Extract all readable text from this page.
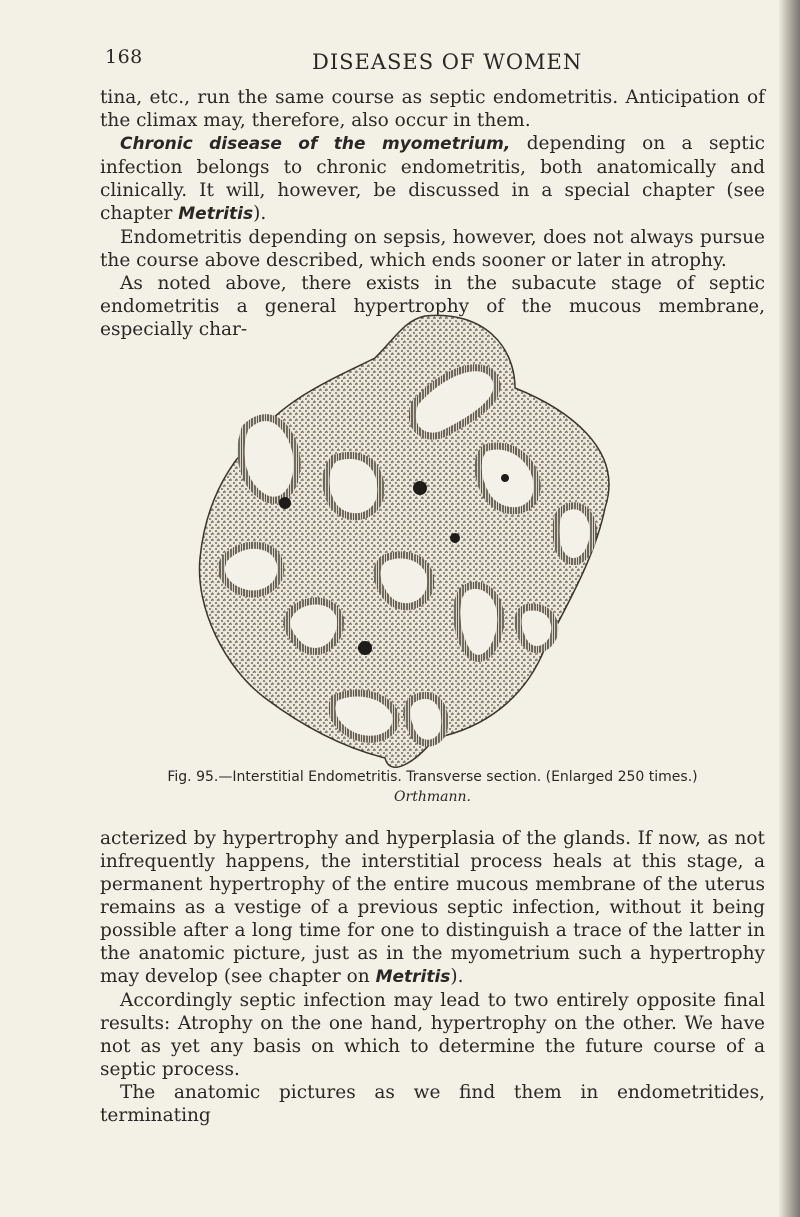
168	DISEASES OF WOMEN

tina, etc., run the same course as septic endometritis. Anticipation of the climax may, therefore, also occur in them.

Chronic disease of the myometrium, depending on a septic infection belongs to chronic endometritis, both anatomically and clinically. It will, however, be discussed in a special chapter (see chapter Metritis).

Endometritis depending on sepsis, however, does not always pursue the course above described, which ends sooner or later in atrophy.

As noted above, there exists in the subacute stage of septic endometritis a general hypertrophy of the mucous membrane, especially char-

Fig. 95.—Interstitial Endometritis. Transverse section. (Enlarged 250 times.)
Orthmann.

acterized by hypertrophy and hyperplasia of the glands. If now, as not infrequently happens, the interstitial process heals at this stage, a permanent hypertrophy of the entire mucous membrane of the uterus remains as a vestige of a previous septic infection, without it being possible after a long time for one to distinguish a trace of the latter in the anatomic picture, just as in the myometrium such a hypertrophy may develop (see chapter on Metritis).

Accordingly septic infection may lead to two entirely opposite final results: Atrophy on the one hand, hypertrophy on the other. We have not as yet any basis on which to determine the future course of a septic process.

The anatomic pictures as we find them in endometritides, terminating
